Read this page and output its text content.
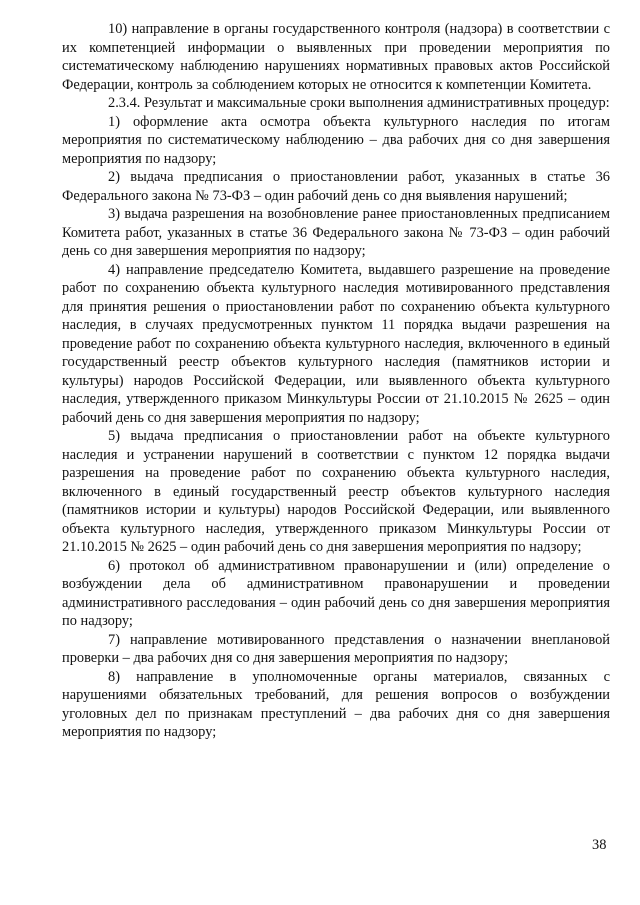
10) направление в органы государственного контроля (надзора) в соответствии с их компетенцией информации о выявленных при проведении мероприятия по систематическому наблюдению нарушениях нормативных правовых актов Российской Федерации, контроль за соблюдением которых не относится к компетенции Комитета.

2.3.4. Результат и максимальные сроки выполнения административных процедур:

1) оформление акта осмотра объекта культурного наследия по итогам мероприятия по систематическому наблюдению – два рабочих дня со дня завершения мероприятия по надзору;

2) выдача предписания о приостановлении работ, указанных в статье 36 Федерального закона № 73-ФЗ – один рабочий день со дня выявления нарушений;

3) выдача разрешения на возобновление ранее приостановленных предписанием Комитета работ, указанных в статье 36 Федерального закона № 73-ФЗ – один рабочий день со дня завершения мероприятия по надзору;

4) направление председателю Комитета, выдавшего разрешение на проведение работ по сохранению объекта культурного наследия мотивированного представления для принятия решения о приостановлении работ по сохранению объекта культурного наследия, в случаях предусмотренных пунктом 11 порядка выдачи разрешения на проведение работ по сохранению объекта культурного наследия, включенного в единый государственный реестр объектов культурного наследия (памятников истории и культуры) народов Российской Федерации, или выявленного объекта культурного наследия, утвержденного приказом Минкультуры России от 21.10.2015 № 2625 – один рабочий день со дня завершения мероприятия по надзору;

5) выдача предписания о приостановлении работ на объекте культурного наследия и устранении нарушений в соответствии с пунктом 12 порядка выдачи разрешения на проведение работ по сохранению объекта культурного наследия, включенного в единый государственный реестр объектов культурного наследия (памятников истории и культуры) народов Российской Федерации, или выявленного объекта культурного наследия, утвержденного приказом Минкультуры России от 21.10.2015 № 2625 – один рабочий день со дня завершения мероприятия по надзору;

6) протокол об административном правонарушении и (или) определение о возбуждении дела об административном правонарушении и проведении административного расследования – один рабочий день со дня завершения мероприятия по надзору;

7) направление мотивированного представления о назначении внеплановой проверки – два рабочих дня со дня завершения мероприятия по надзору;

8) направление в уполномоченные органы материалов, связанных с нарушениями обязательных требований, для решения вопросов о возбуждении уголовных дел по признакам преступлений – два рабочих дня со дня завершения мероприятия по надзору;

38
